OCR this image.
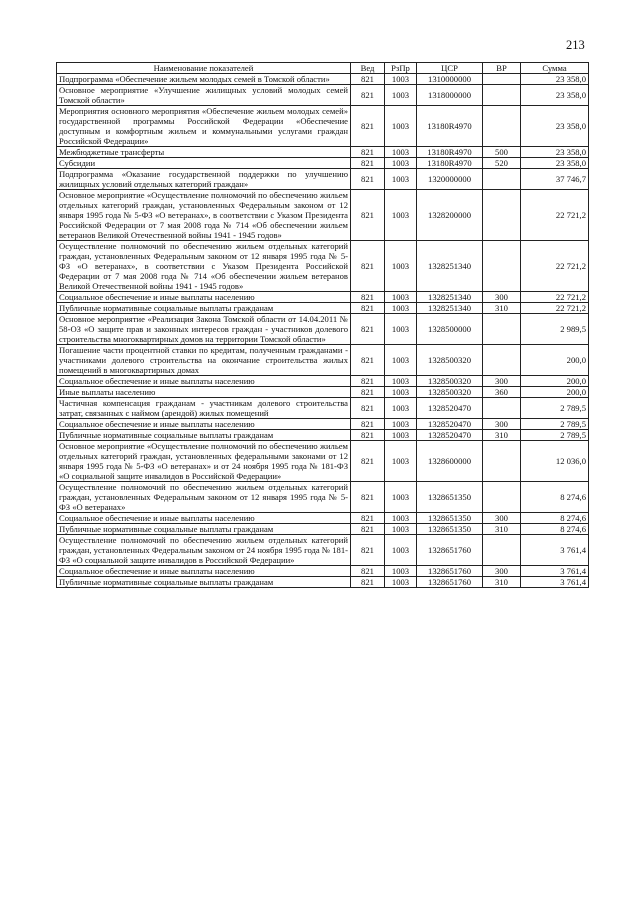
213
Наименование показателей	Вед	РзПр	ЦСР	ВР	Сумма
Подпрограмма «Обеспечение жильем молодых семей в Томской области»	821	1003	1310000000		23 358,0
Основное мероприятие «Улучшение жилищных условий молодых семей Томской области»	821	1003	1318000000		23 358,0
Мероприятия основного мероприятия «Обеспечение жильем молодых семей» государственной программы Российской Федерации «Обеспечение доступным и комфортным жильем и коммунальными услугами граждан Российской Федерации»	821	1003	13180R4970		23 358,0
Межбюджетные трансферты	821	1003	13180R4970	500	23 358,0
Субсидии	821	1003	13180R4970	520	23 358,0
Подпрограмма «Оказание государственной поддержки по улучшению жилищных условий отдельных категорий граждан»	821	1003	1320000000		37 746,7
Основное мероприятие «Осуществление полномочий по обеспечению жильем отдельных категорий граждан, установленных Федеральным законом от 12 января 1995 года № 5-ФЗ «О ветеранах», в соответствии с Указом Президента Российской Федерации от 7 мая 2008 года № 714 «Об обеспечении жильем ветеранов Великой Отечественной войны 1941 - 1945 годов»	821	1003	1328200000		22 721,2
Осуществление полномочий по обеспечению жильем отдельных категорий граждан, установленных Федеральным законом от 12 января 1995 года № 5-ФЗ «О ветеранах», в соответствии с Указом Президента Российской Федерации от 7 мая 2008 года № 714 «Об обеспечении жильем ветеранов Великой Отечественной войны 1941 - 1945 годов»	821	1003	1328251340		22 721,2
Социальное обеспечение и иные выплаты населению	821	1003	1328251340	300	22 721,2
Публичные нормативные социальные выплаты гражданам	821	1003	1328251340	310	22 721,2
Основное мероприятие «Реализация Закона Томской области от 14.04.2011 № 58-ОЗ «О защите прав и законных интересов граждан - участников долевого строительства многоквартирных домов на территории Томской области»	821	1003	1328500000		2 989,5
Погашение части процентной ставки по кредитам, полученным гражданами - участниками долевого строительства на окончание строительства жилых помещений в многоквартирных домах	821	1003	1328500320		200,0
Социальное обеспечение и иные выплаты населению	821	1003	1328500320	300	200,0
Иные выплаты населению	821	1003	1328500320	360	200,0
Частичная компенсация гражданам - участникам долевого строительства затрат, связанных с наймом (арендой) жилых помещений	821	1003	1328520470		2 789,5
Социальное обеспечение и иные выплаты населению	821	1003	1328520470	300	2 789,5
Публичные нормативные социальные выплаты гражданам	821	1003	1328520470	310	2 789,5
Основное мероприятие «Осуществление полномочий по обеспечению жильем отдельных категорий граждан, установленных федеральными законами от 12 января 1995 года № 5-ФЗ «О ветеранах» и от 24 ноября 1995 года № 181-ФЗ «О социальной защите инвалидов в Российской Федерации»	821	1003	1328600000		12 036,0
Осуществление полномочий по обеспечению жильем отдельных категорий граждан, установленных Федеральным законом от 12 января 1995 года № 5-ФЗ «О ветеранах»	821	1003	1328651350		8 274,6
Социальное обеспечение и иные выплаты населению	821	1003	1328651350	300	8 274,6
Публичные нормативные социальные выплаты гражданам	821	1003	1328651350	310	8 274,6
Осуществление полномочий по обеспечению жильем отдельных категорий граждан, установленных Федеральным законом от 24 ноября 1995 года № 181-ФЗ «О социальной защите инвалидов в Российской Федерации»	821	1003	1328651760		3 761,4
Социальное обеспечение и иные выплаты населению	821	1003	1328651760	300	3 761,4
Публичные нормативные социальные выплаты гражданам	821	1003	1328651760	310	3 761,4
